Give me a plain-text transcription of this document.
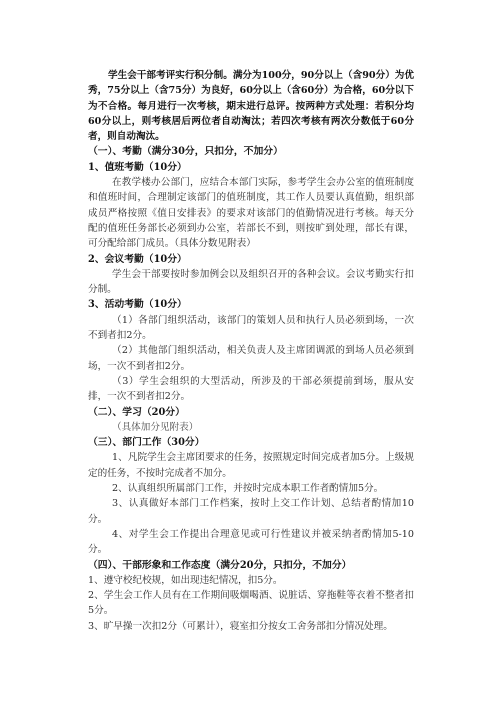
学生会干部考评实行积分制。满分为100分，90分以上（含90分）为优秀，75分以上（含75分）为良好，60分以上（含60分）为合格，60分以下为不合格。每月进行一次考核，期末进行总评。按两种方式处理：若积分均60分以上，则考核居后两位者自动淘汰；若四次考核有两次分数低于60分者，则自动淘汰。

（一）、考勤（满分30分，只扣分，不加分）

1、值班考勤（10分）

在教学楼办公部门，应结合本部门实际，参考学生会办公室的值班制度和值班时间，合理制定该部门的值班制度，其工作人员要认真值勤，组织部成员严格按照《值日安排表》的要求对该部门的值勤情况进行考核。每天分配的值班任务部长必须到办公室，若部长不到，则按旷到处理，部长有课，可分配给部门成员。（具体分数见附表）

2、会议考勤（10分）

学生会干部要按时参加例会以及组织召开的各种会议。会议考勤实行扣分制。

3、活动考勤（10分）

（1）各部门组织活动，该部门的策划人员和执行人员必须到场，一次不到者扣2分。

（2）其他部门组织活动，相关负责人及主席团调派的到场人员必须到场，一次不到者扣2分。

（3）学生会组织的大型活动，所涉及的干部必须提前到场，服从安排，一次不到者扣2分。

（二）、学习（20分）

（具体加分见附表）

（三）、部门工作（30分）

1、凡院学生会主席团要求的任务，按照规定时间完成者加5分。上级规定的任务，不按时完成者不加分。

2、认真组织所属部门工作，并按时完成本职工作者酌情加5分。

3、认真做好本部门工作档案，按时上交工作计划、总结者酌情加10分。

4、对学生会工作提出合理意见或可行性建议并被采纳者酌情加5-10分。

（四）、干部形象和工作态度（满分20分，只扣分，不加分）

1、遵守校纪校规，如出现违纪情况，扣5分。

2、学生会工作人员有在工作期间吸烟喝酒、说脏话、穿拖鞋等衣着不整者扣5分。

3、旷早操一次扣2分（可累计），寝室扣分按女工舍务部扣分情况处理。
